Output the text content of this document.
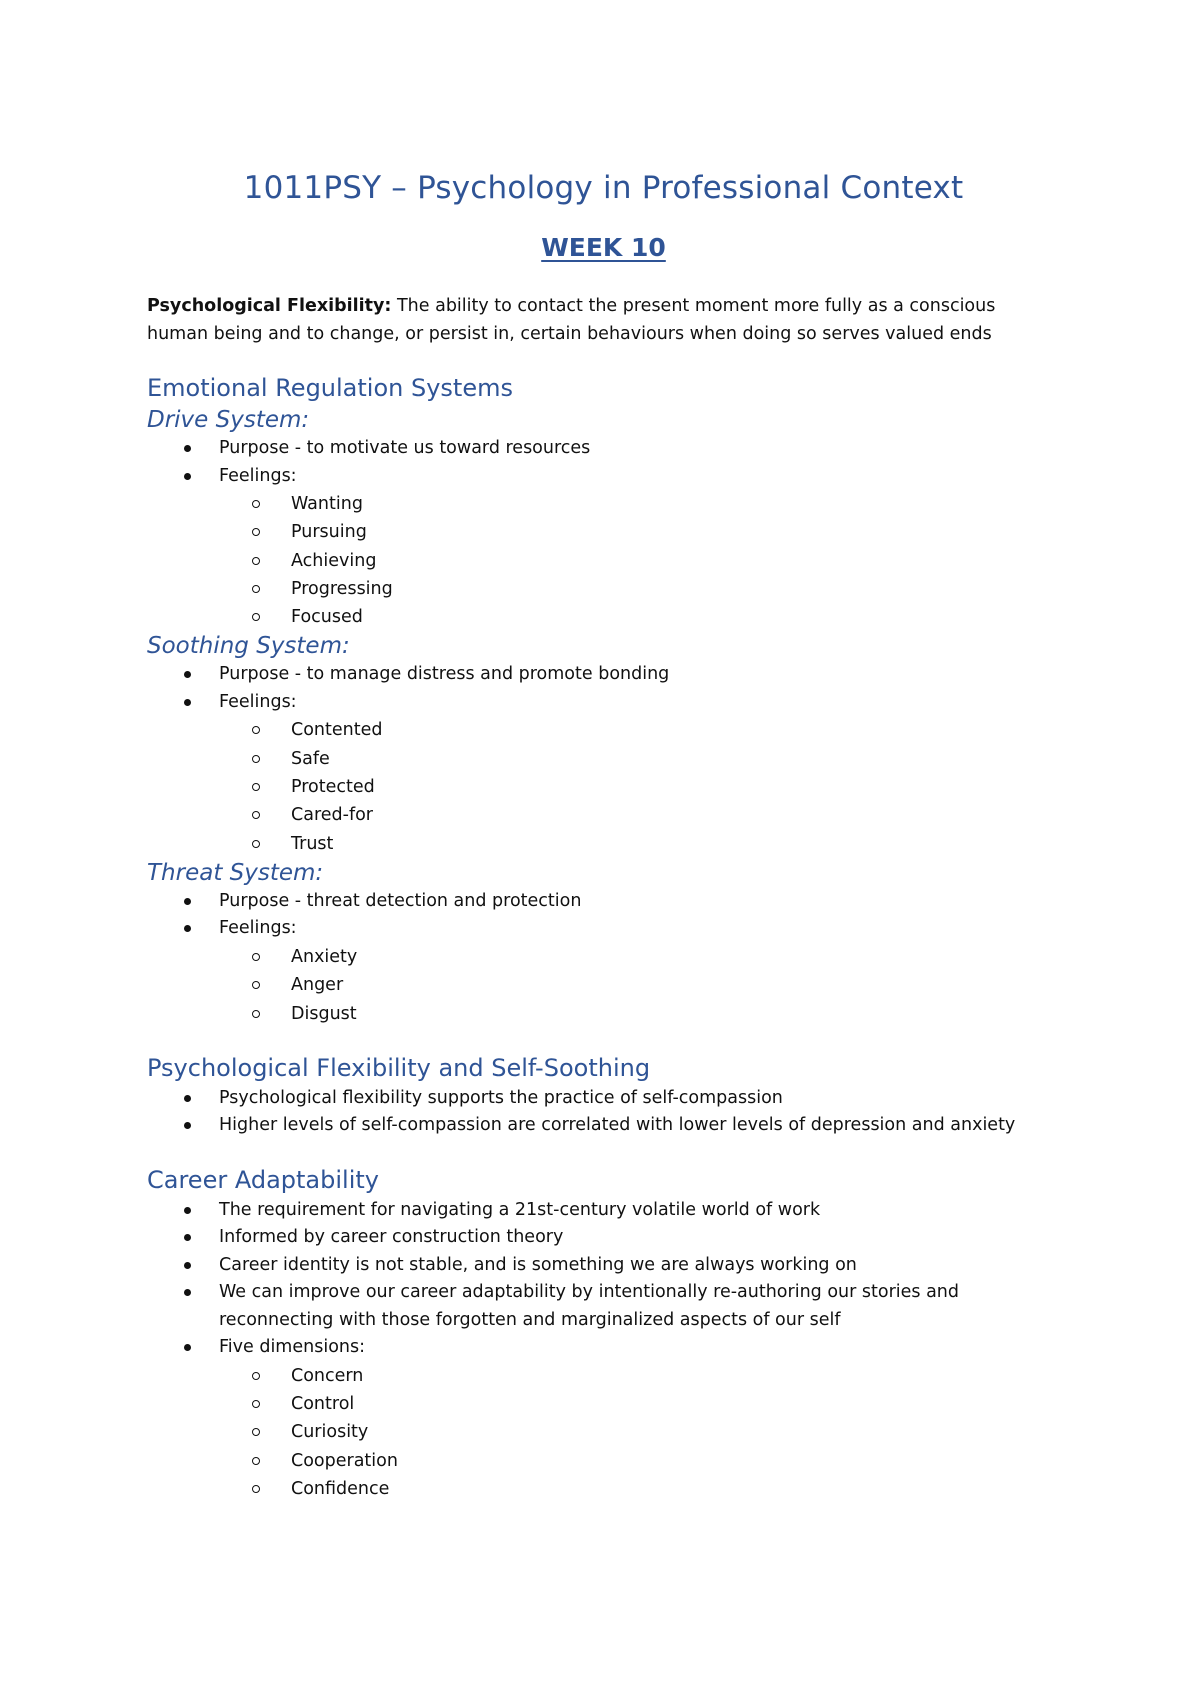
1011PSY – Psychology in Professional Context
WEEK 10

Psychological Flexibility: The ability to contact the present moment more fully as a conscious human being and to change, or persist in, certain behaviours when doing so serves valued ends

Emotional Regulation Systems
Drive System:
Purpose - to motivate us toward resources
Feelings:
Wanting
Pursuing
Achieving
Progressing
Focused
Soothing System:
Purpose - to manage distress and promote bonding
Feelings:
Contented
Safe
Protected
Cared-for
Trust
Threat System:
Purpose - threat detection and protection
Feelings:
Anxiety
Anger
Disgust
Psychological Flexibility and Self-Soothing
Psychological flexibility supports the practice of self-compassion
Higher levels of self-compassion are correlated with lower levels of depression and anxiety
Career Adaptability
The requirement for navigating a 21st-century volatile world of work
Informed by career construction theory
Career identity is not stable, and is something we are always working on
We can improve our career adaptability by intentionally re-authoring our stories and reconnecting with those forgotten and marginalized aspects of our self
Five dimensions:
Concern
Control
Curiosity
Cooperation
Confidence
